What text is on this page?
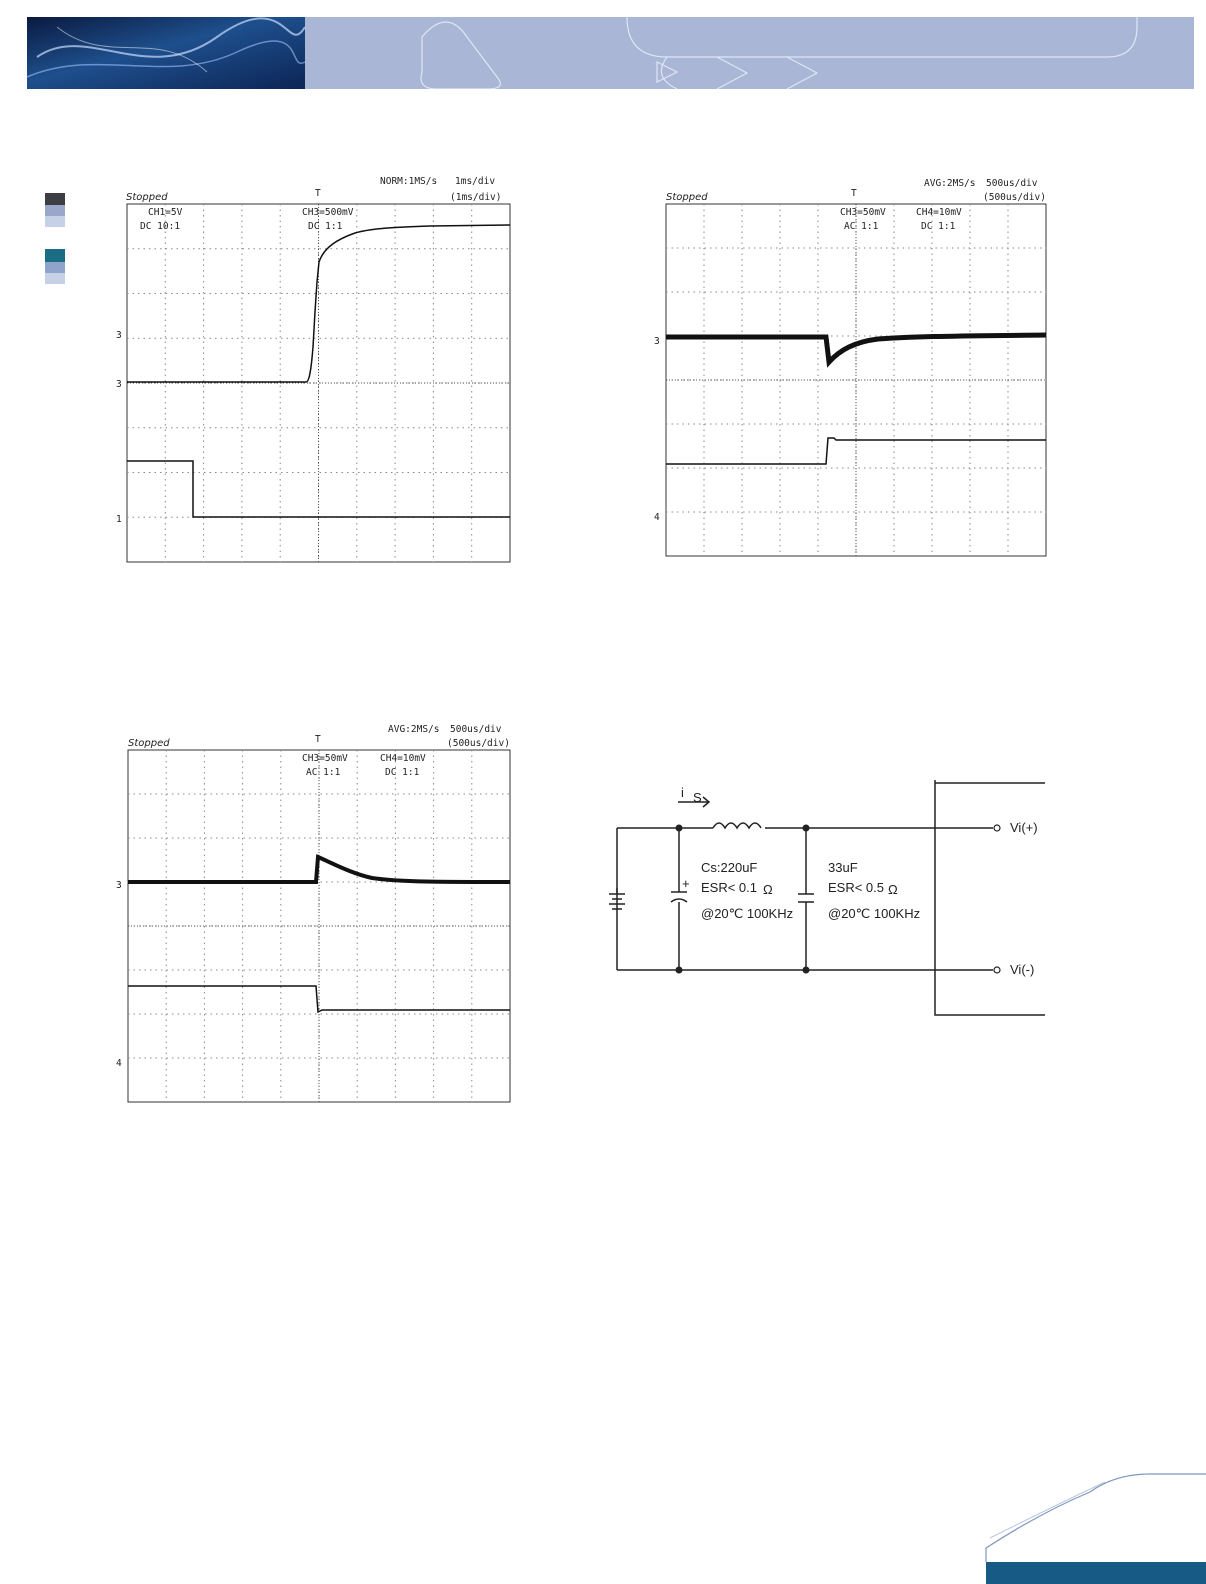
NORM:1MS/s 1ms/div
(1ms/div)
Stopped	T
CH1=5V
DC 10:1
CH3=500mV
DC 1:1
3
3
1
AVG:2MS/s 500us/div
(500us/div)
Stopped	T
CH3=50mV
AC 1:1
CH4=10mV
DC 1:1
3
4
AVG:2MS/s 500us/div
(500us/div)
Stopped	T
CH3=50mV
AC 1:1
CH4=10mV
DC 1:1
3
4
i S
+
Cs:220uF
ESR< 0.1 Ω
@20℃ 100KHz
33uF
ESR< 0.5 Ω
@20℃ 100KHz
Vi(+)
Vi(-)
